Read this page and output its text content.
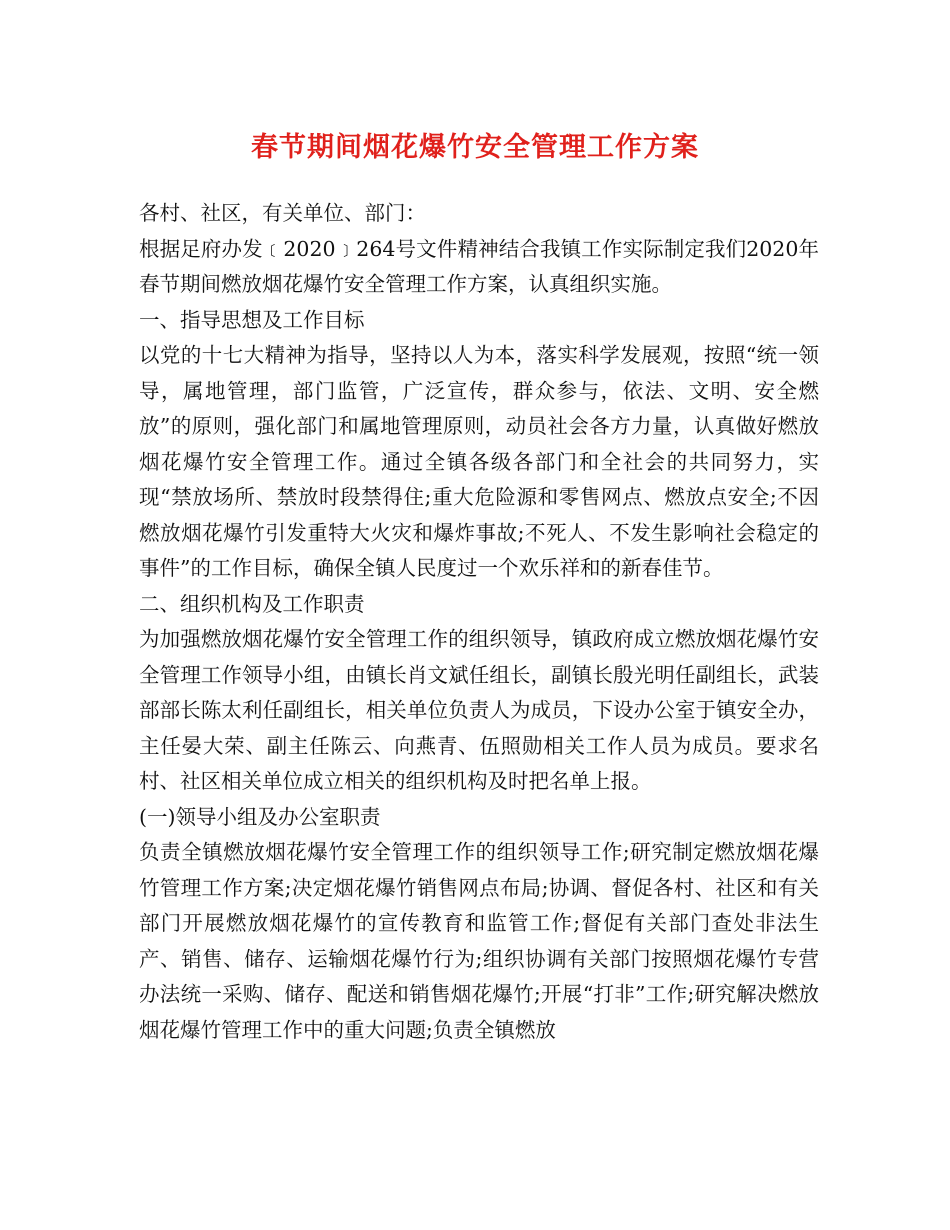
春节期间烟花爆竹安全管理工作方案

各村、社区，有关单位、部门：

根据足府办发﹝2020﹞264号文件精神结合我镇工作实际制定我们2020年春节期间燃放烟花爆竹安全管理工作方案，认真组织实施。

一、指导思想及工作目标

以党的十七大精神为指导，坚持以人为本，落实科学发展观，按照“统一领导，属地管理，部门监管，广泛宣传，群众参与，依法、文明、安全燃放”的原则，强化部门和属地管理原则，动员社会各方力量，认真做好燃放烟花爆竹安全管理工作。通过全镇各级各部门和全社会的共同努力，实现“禁放场所、禁放时段禁得住;重大危险源和零售网点、燃放点安全;不因燃放烟花爆竹引发重特大火灾和爆炸事故;不死人、不发生影响社会稳定的事件”的工作目标，确保全镇人民度过一个欢乐祥和的新春佳节。

二、组织机构及工作职责

为加强燃放烟花爆竹安全管理工作的组织领导，镇政府成立燃放烟花爆竹安全管理工作领导小组，由镇长肖文斌任组长，副镇长殷光明任副组长，武装部部长陈太利任副组长，相关单位负责人为成员，下设办公室于镇安全办，主任晏大荣、副主任陈云、向燕青、伍照勋相关工作人员为成员。要求名村、社区相关单位成立相关的组织机构及时把名单上报。

(一)领导小组及办公室职责

负责全镇燃放烟花爆竹安全管理工作的组织领导工作;研究制定燃放烟花爆竹管理工作方案;决定烟花爆竹销售网点布局;协调、督促各村、社区和有关部门开展燃放烟花爆竹的宣传教育和监管工作;督促有关部门查处非法生产、销售、储存、运输烟花爆竹行为;组织协调有关部门按照烟花爆竹专营办法统一采购、储存、配送和销售烟花爆竹;开展“打非”工作;研究解决燃放烟花爆竹管理工作中的重大问题;负责全镇燃放
